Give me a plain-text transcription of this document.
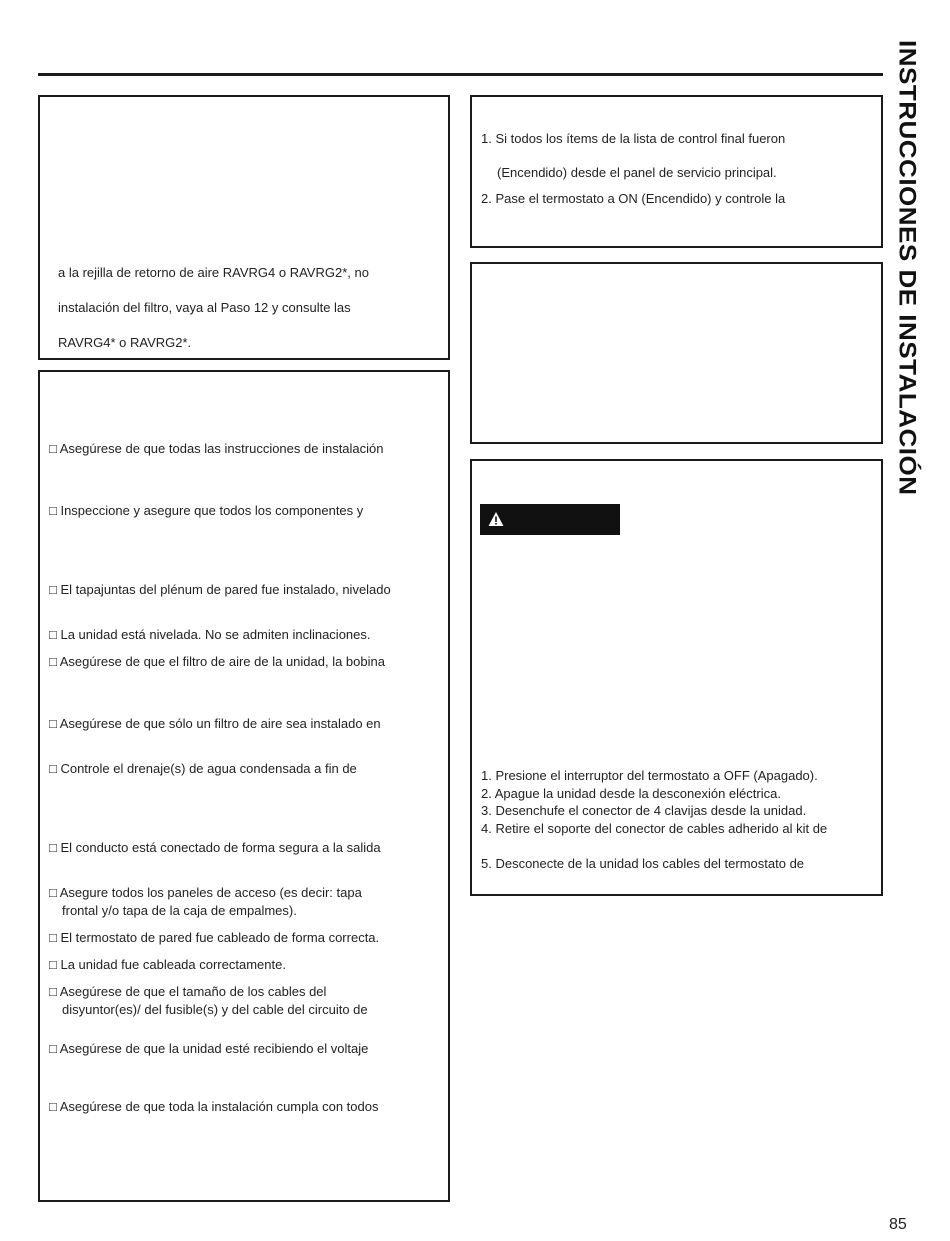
INSTRUCCIONES DE INSTALACIÓN
a la rejilla de retorno de aire RAVRG4 o RAVRG2*, no
instalación del filtro, vaya al Paso 12 y consulte las
RAVRG4* o RAVRG2*.
□ Asegúrese de que todas las instrucciones de instalación
□ Inspeccione y asegure que todos los componentes y
□ El tapajuntas del plénum de pared fue instalado, nivelado
□ La unidad está nivelada. No se admiten inclinaciones.
□ Asegúrese de que el filtro de aire de la unidad, la bobina
□ Asegúrese de que sólo un filtro de aire sea instalado en
□ Controle el drenaje(s) de agua condensada a fin de
□ El conducto está conectado de forma segura a la salida
□ Asegure todos los paneles de acceso (es decir: tapa
frontal y/o tapa de la caja de empalmes).
□ El termostato de pared fue cableado de forma correcta.
□ La unidad fue cableada correctamente.
□ Asegúrese de que el tamaño de los cables del
disyuntor(es)/ del fusible(s) y del cable del circuito de
□ Asegúrese de que la unidad esté recibiendo el voltaje
□ Asegúrese de que toda la instalación cumpla con todos
1. Si todos los ítems de la lista de control final fueron
(Encendido) desde el panel de servicio principal.
2. Pase el termostato a ON (Encendido) y controle la
1. Presione el interruptor del termostato a OFF (Apagado).
2. Apague la unidad desde la desconexión eléctrica.
3. Desenchufe el conector de 4 clavijas desde la unidad.
4. Retire el soporte del conector de cables adherido al kit de
5. Desconecte de la unidad los cables del termostato de
85
